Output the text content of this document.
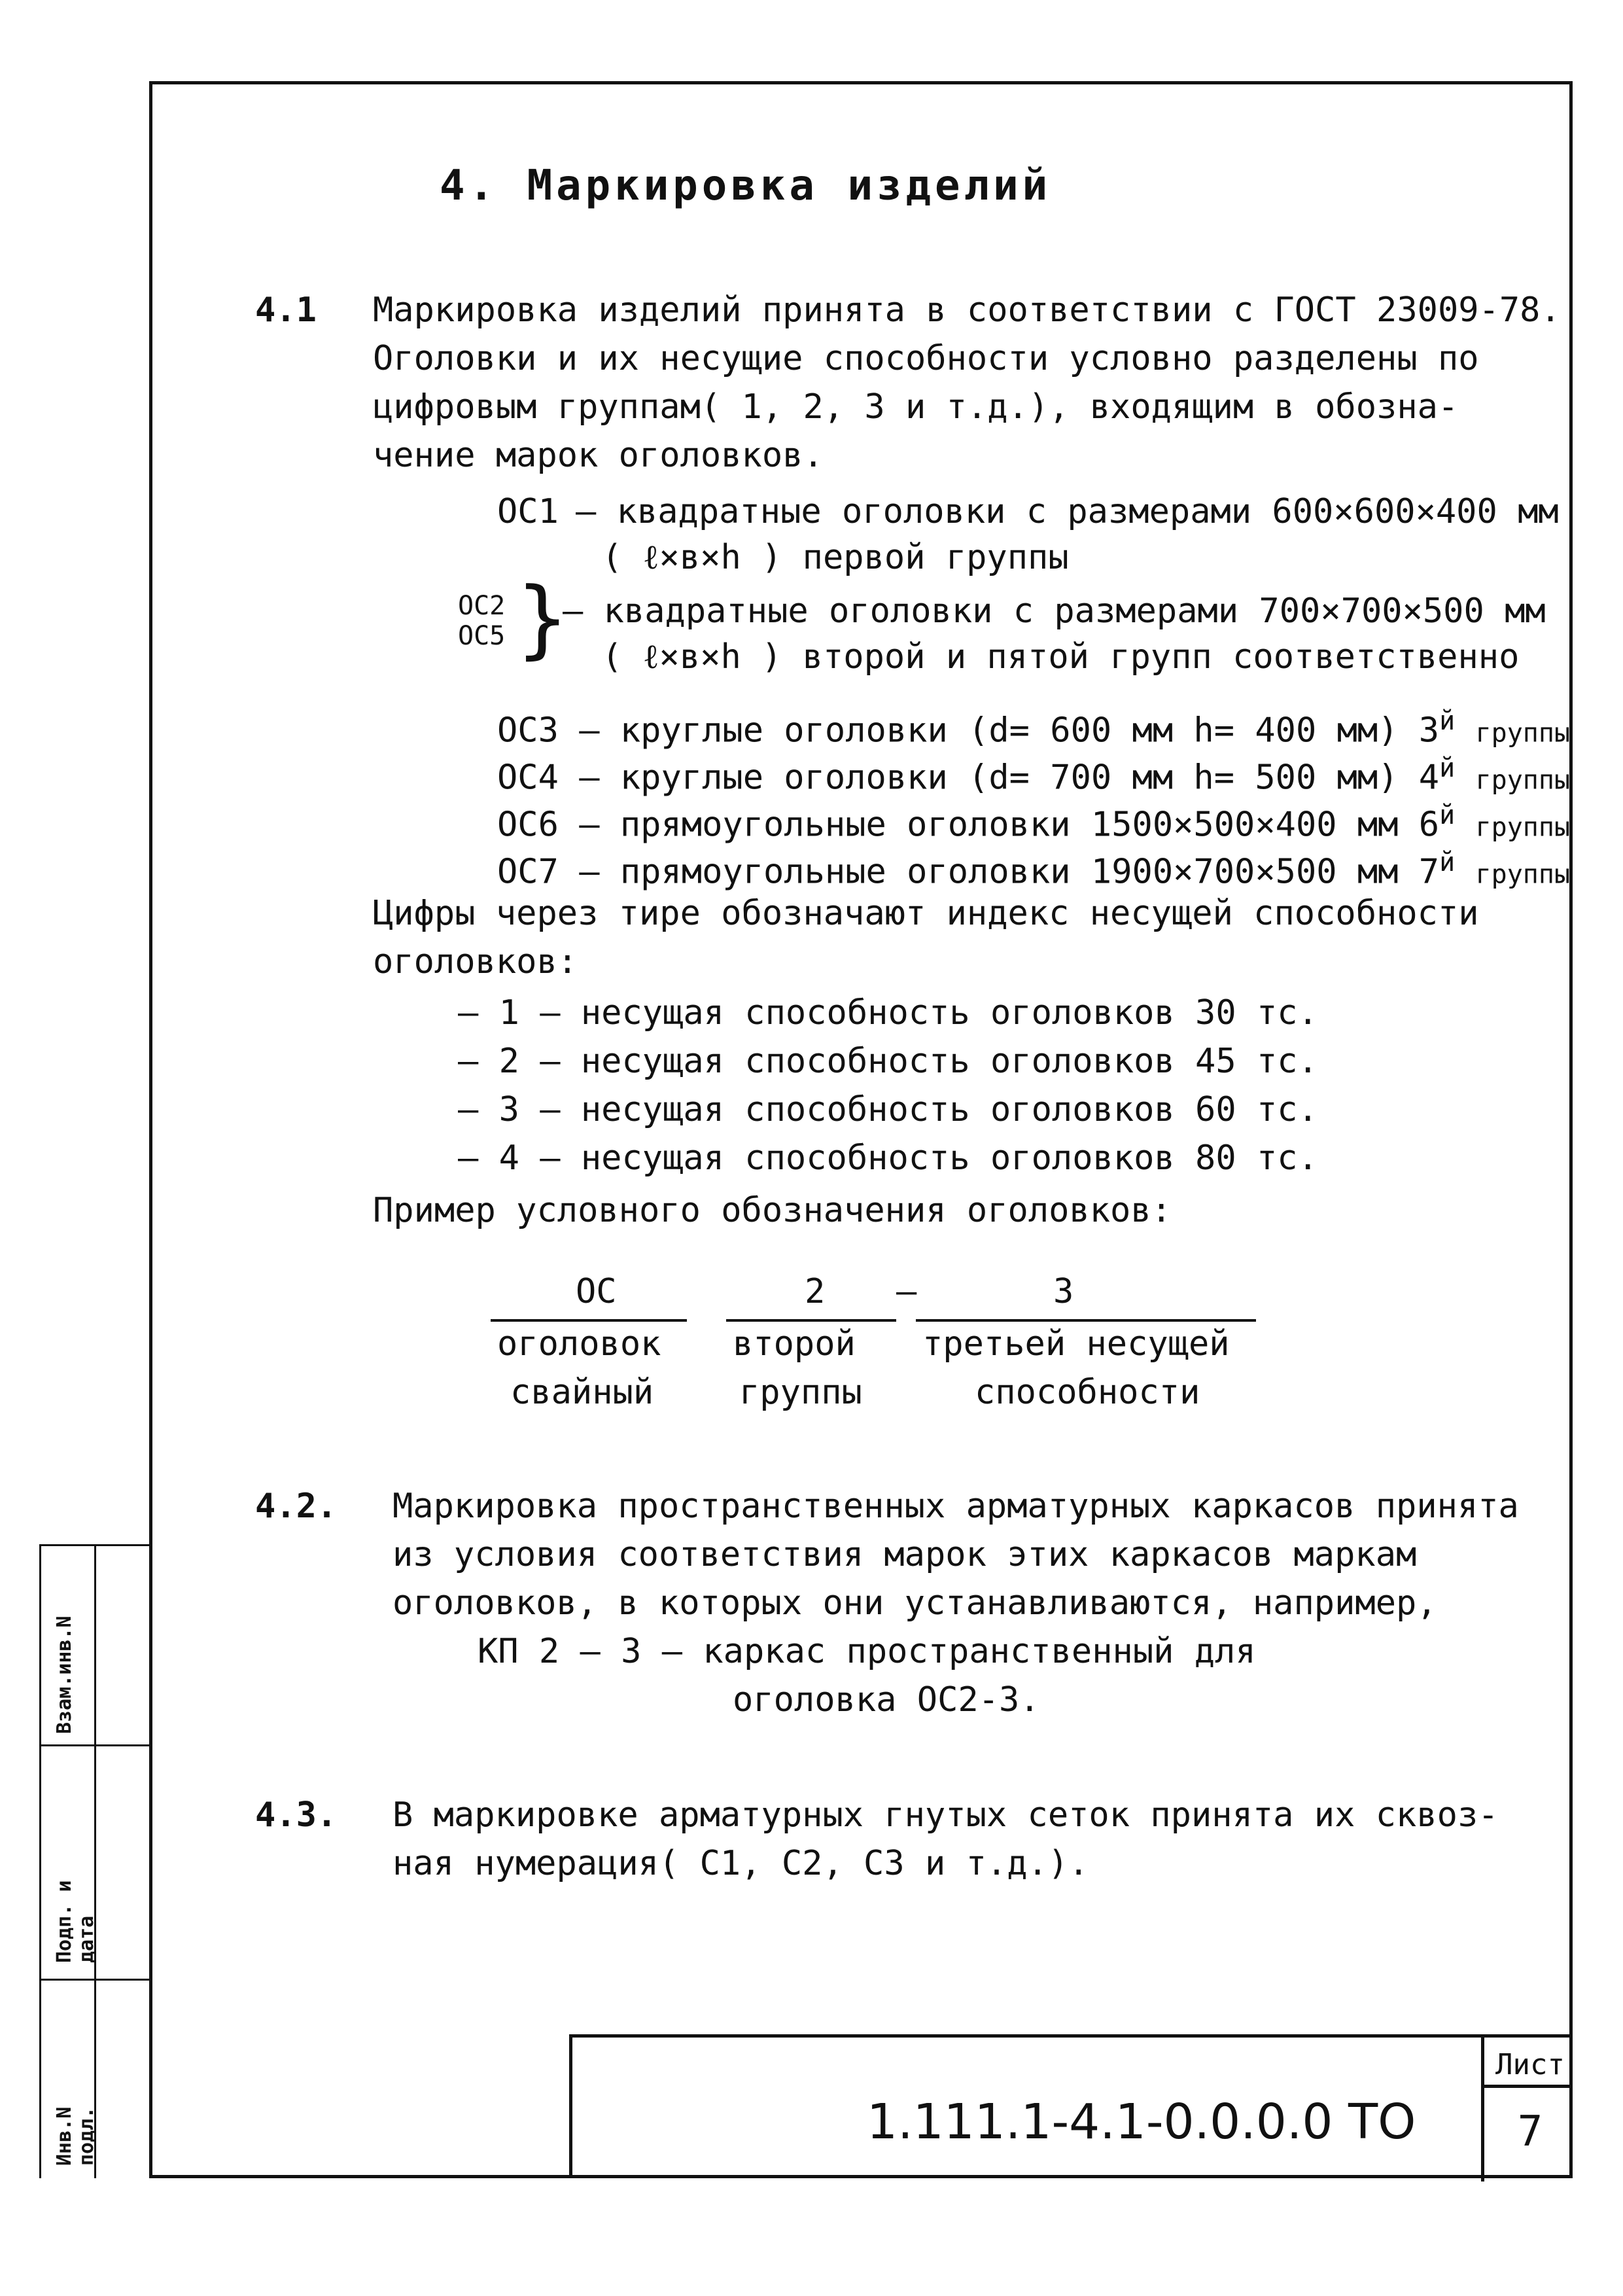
Взам.инв.N
Подп. и дата
Инв.N подл.
4. Маркировка изделий
4.1 Маркировка изделий принята в соответствии с ГОСТ 23009-78.
Оголовки и их несущие способности условно разделены по
цифровым группам( 1, 2, 3 и т.д.), входящим в обозна-
чение марок оголовков.
ОС1 – квадратные оголовки с размерами 600×600×400 мм
( ℓ×в×h ) первой группы
ОС2
ОС5 }
– квадратные оголовки с размерами 700×700×500 мм
( ℓ×в×h ) второй и пятой групп соответственно
ОС3 – круглые оголовки (d= 600 мм h= 400 мм) $3^й$ группы
ОС4 – круглые оголовки (d= 700 мм h= 500 мм) $4^й$ группы
ОС6 – прямоугольные оголовки 1500×500×400 мм $6^й$ группы
ОС7 – прямоугольные оголовки 1900×700×500 мм $7^й$ группы
Цифры через тире обозначают индекс несущей способности
оголовков:
– 1 – несущая способность оголовков 30 тс.
– 2 – несущая способность оголовков 45 тс.
– 3 – несущая способность оголовков 60 тс.
– 4 – несущая способность оголовков 80 тс.
Пример условного обозначения оголовков:
ОС	2 –	3
оголовок
свайный
второй
группы
третьей несущей
способности
4.2. Маркировка пространственных арматурных каркасов принята
из условия соответствия марок этих каркасов маркам
оголовков, в которых они устанавливаются, например,
КП 2 – 3 – каркас пространственный для
оголовка ОС2-3.
4.3. В маркировке арматурных гнутых сеток принята их сквоз-
ная нумерация( С1, С2, С3 и т.д.).
1.111.1-4.1-0.0.0.0 ТО
Лист
7
